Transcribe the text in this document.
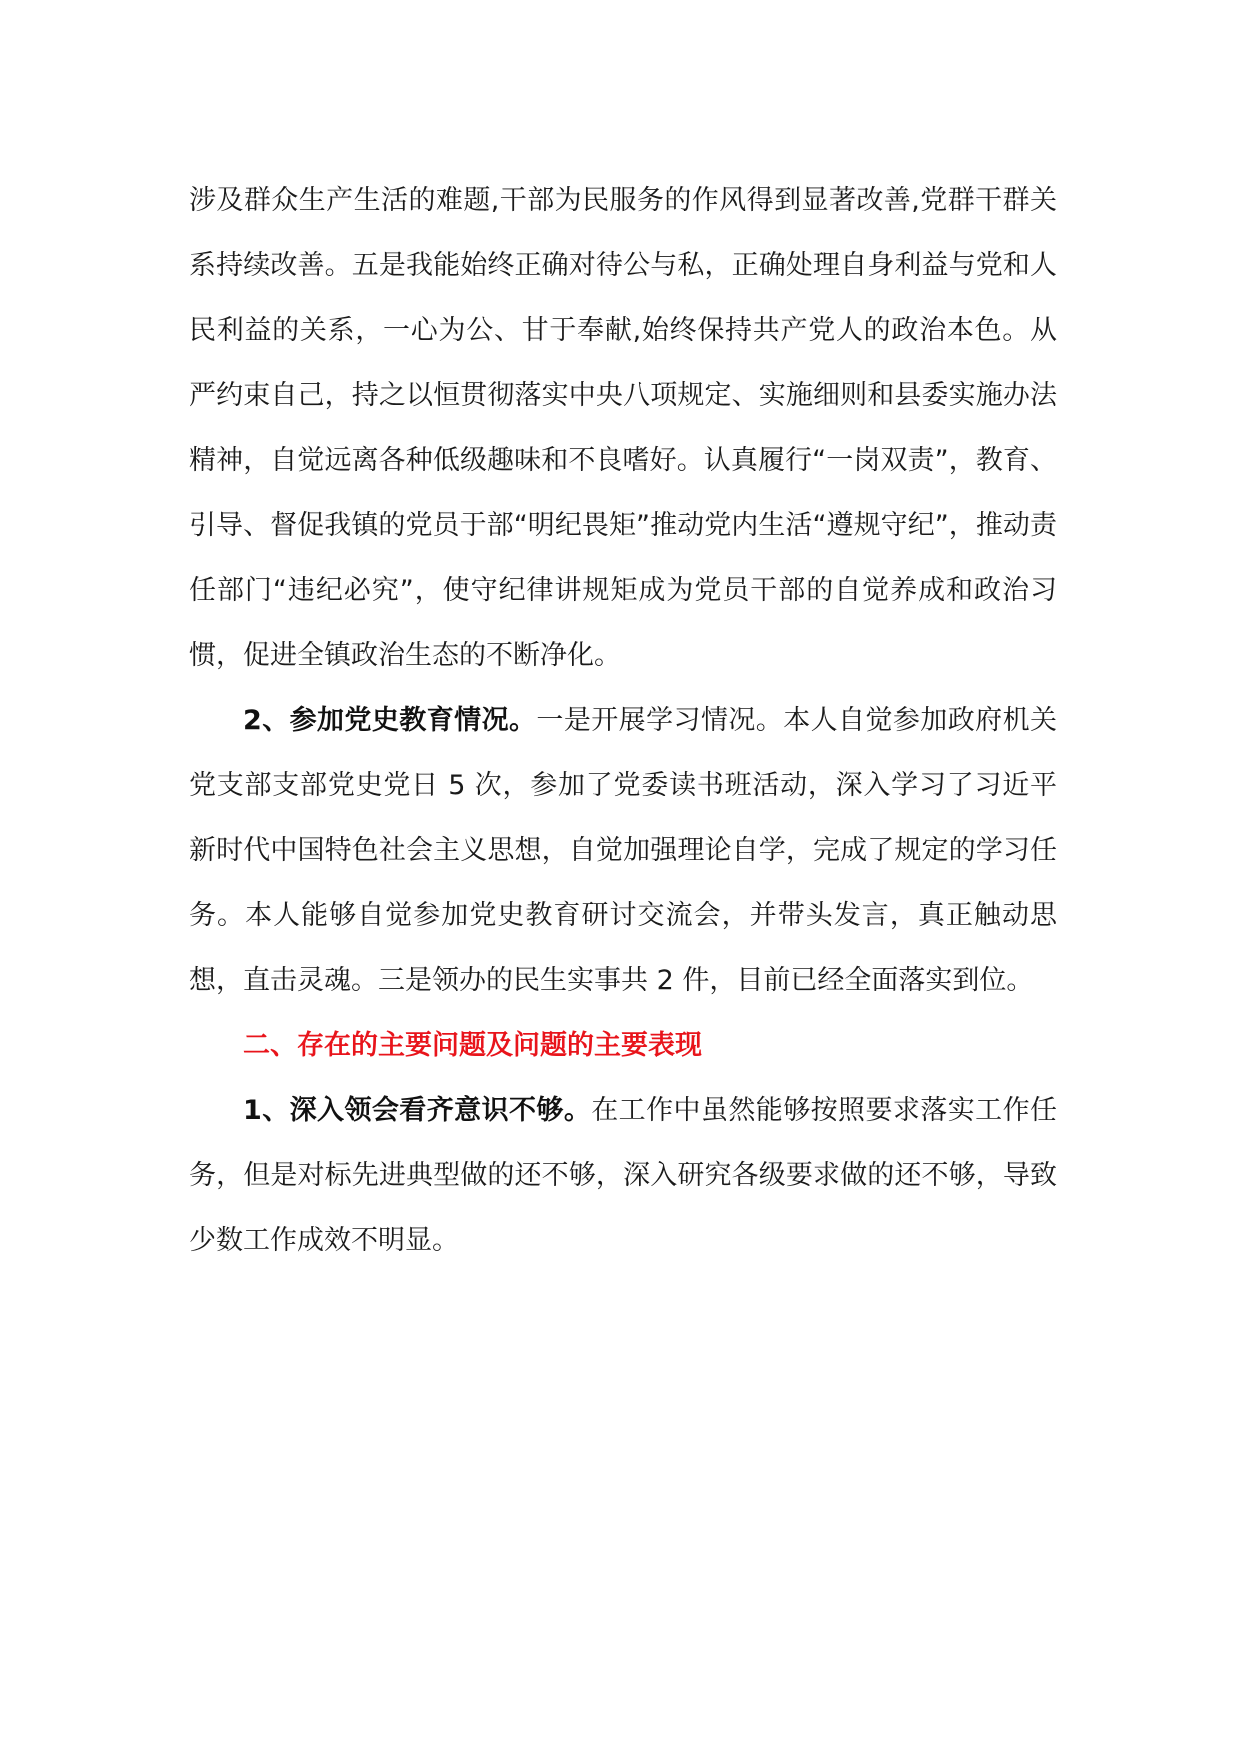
涉及群众生产生活的难题,干部为民服务的作风得到显著改善,党群干群关系持续改善。五是我能始终正确对待公与私，正确处理自身利益与党和人民利益的关系，一心为公、甘于奉献,始终保持共产党人的政治本色。从严约束自己，持之以恒贯彻落实中央八项规定、实施细则和县委实施办法精神，自觉远离各种低级趣味和不良嗜好。认真履行“一岗双责”，教育、引导、督促我镇的党员于部“明纪畏矩”推动党内生活“遵规守纪”，推动责任部门“违纪必究”，使守纪律讲规矩成为党员干部的自觉养成和政治习惯，促进全镇政治生态的不断净化。

2、参加党史教育情况。一是开展学习情况。本人自觉参加政府机关党支部支部党史党日 5 次，参加了党委读书班活动，深入学习了习近平新时代中国特色社会主义思想，自觉加强理论自学，完成了规定的学习任务。本人能够自觉参加党史教育研讨交流会，并带头发言，真正触动思想，直击灵魂。三是领办的民生实事共 2 件，目前已经全面落实到位。

二、存在的主要问题及问题的主要表现

1、深入领会看齐意识不够。在工作中虽然能够按照要求落实工作任务，但是对标先进典型做的还不够，深入研究各级要求做的还不够，导致少数工作成效不明显。
